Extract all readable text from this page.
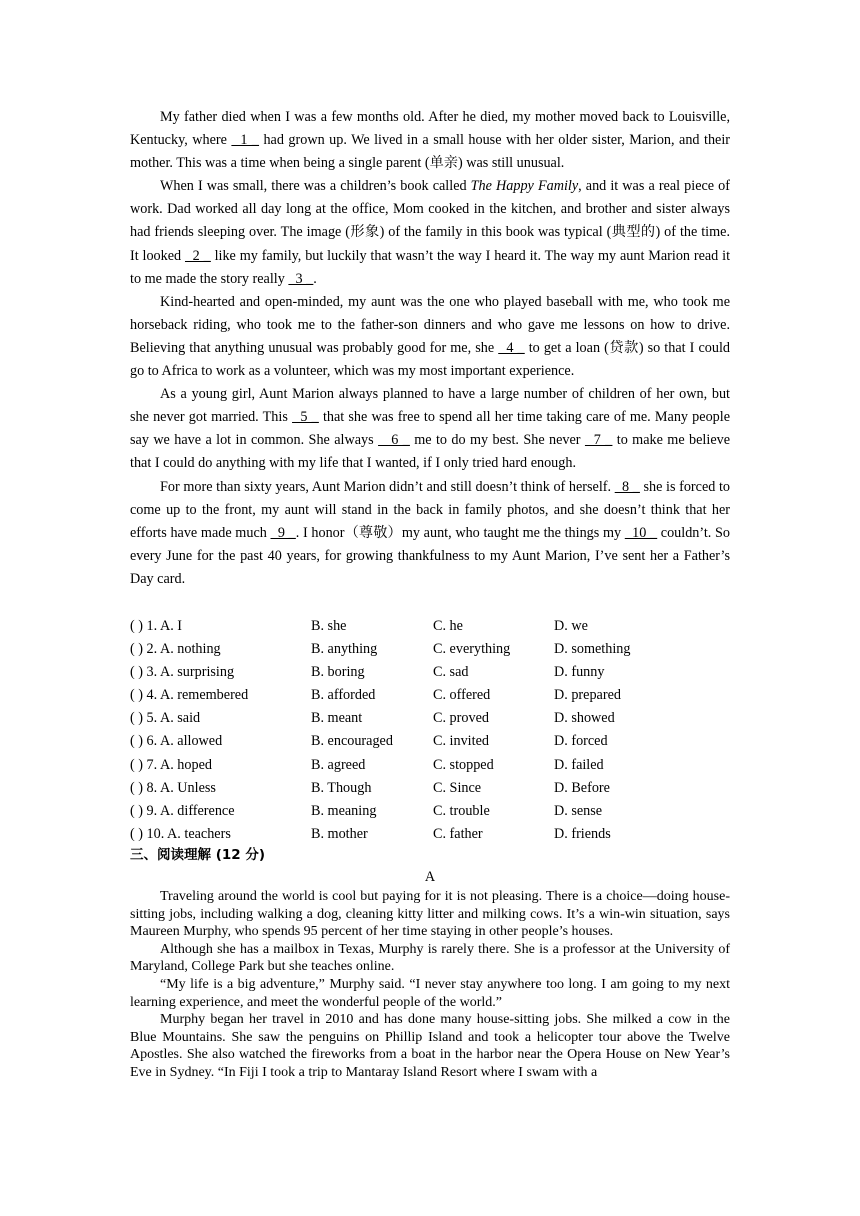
My father died when I was a few months old. After he died, my mother moved back to Louisville, Kentucky, where   1 _ had grown up. We lived in a small house with her older sister, Marion, and their mother. This was a time when being a single parent (单亲) was still unusual.

When I was small, there was a children’s book called The Happy Family, and it was a real piece of work. Dad worked all day long at the office, Mom cooked in the kitchen, and brother and sister always had friends sleeping over. The image (形象) of the family in this book was typical (典型的) of the time. It looked   2 _ like my family, but luckily that wasn’t the way I heard it. The way my aunt Marion read it to me made the story really   3 _.

Kind-hearted and open-minded, my aunt was the one who played baseball with me, who took me horseback riding, who took me to the father-son dinners and who gave me lessons on how to drive. Believing that anything unusual was probably good for me, she   4 _ to get a loan (贷款) so that I could go to Africa to work as a volunteer, which was my most important experience.

As a young girl, Aunt Marion always planned to have a large number of children of her own, but she never got married. This   5 _ that she was free to spend all her time taking care of me. Many people say we have a lot in common. She always    6 _ me to do my best. She never   7 _ to make me believe that I could do anything with my life that I wanted, if I only tried hard enough.

For more than sixty years, Aunt Marion didn’t and still doesn’t think of herself.   8 _ she is forced to come up to the front, my aunt will stand in the back in family photos, and she doesn’t think that her efforts have made much   9 _. I honor（尊敬）my aunt, who taught me the things my   10 _ couldn’t. So every June for the past 40 years, for growing thankfulness to my Aunt Marion, I’ve sent her a Father’s Day card.

( ) 1. A. I	B. she	C. he	D. we
( ) 2. A. nothing	B. anything	C. everything	D. something
( ) 3. A. surprising	B. boring	C. sad	D. funny
( ) 4. A. remembered	B. afforded	C. offered	D. prepared
( ) 5. A. said	B. meant	C. proved	D. showed
( ) 6. A. allowed	B. encouraged	C. invited	D. forced
( ) 7. A. hoped	B. agreed	C. stopped	D. failed
( ) 8. A. Unless	B. Though	C. Since	D. Before
( ) 9. A. difference	B. meaning	C. trouble	D. sense
( ) 10. A. teachers	B. mother	C. father	D. friends
三、阅读理解 (12 分)
A

Traveling around the world is cool but paying for it is not pleasing. There is a choice—doing house-sitting jobs, including walking a dog, cleaning kitty litter and milking cows. It’s a win-win situation, says Maureen Murphy, who spends 95 percent of her time staying in other people’s houses.

Although she has a mailbox in Texas, Murphy is rarely there. She is a professor at the University of Maryland, College Park but she teaches online.

“My life is a big adventure,” Murphy said. “I never stay anywhere too long. I am going to my next learning experience, and meet the wonderful people of the world.”

Murphy began her travel in 2010 and has done many house-sitting jobs. She milked a cow in the Blue Mountains. She saw the penguins on Phillip Island and took a helicopter tour above the Twelve Apostles. She also watched the fireworks from a boat in the harbor near the Opera House on New Year’s Eve in Sydney. “In Fiji I took a trip to Mantaray Island Resort where I swam with a
